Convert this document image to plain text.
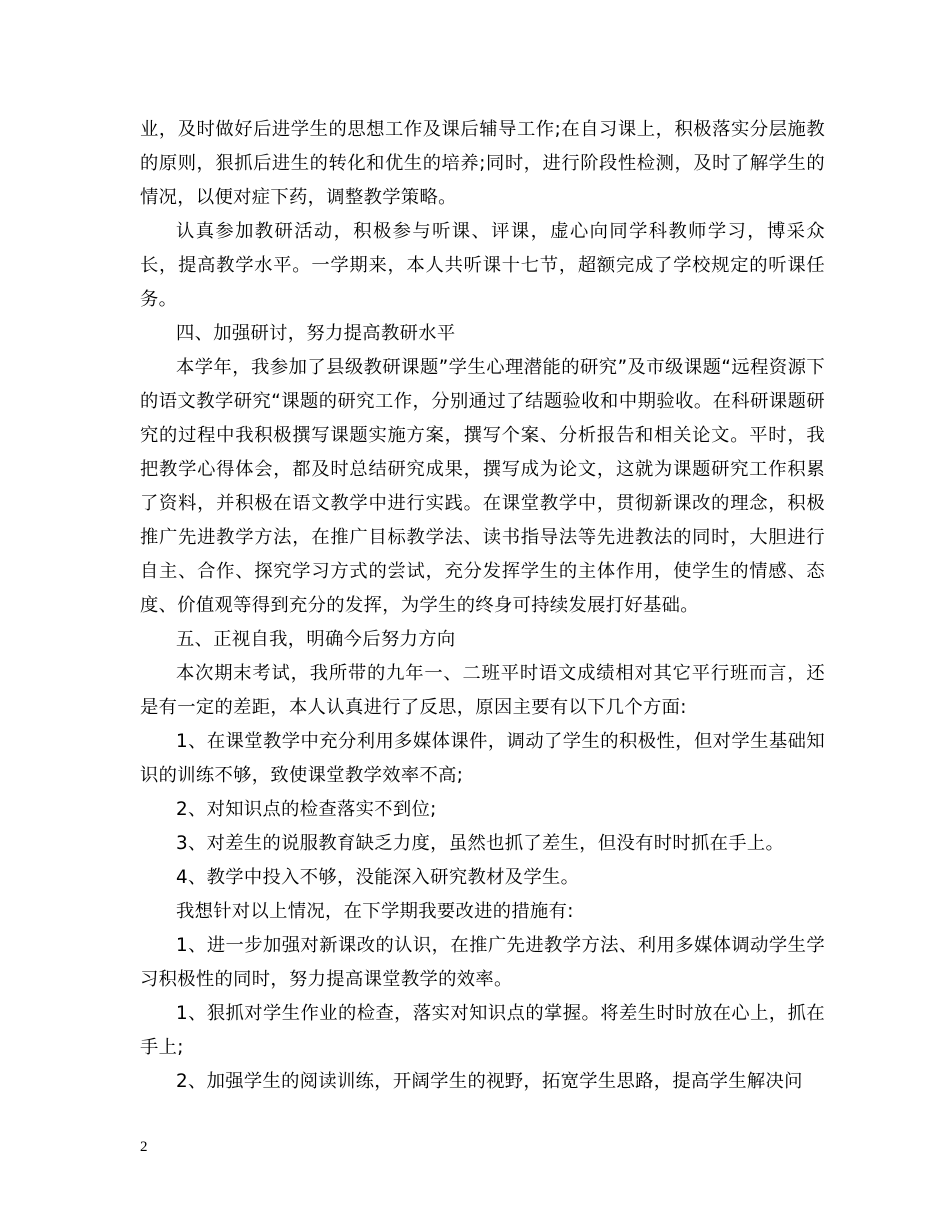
业，及时做好后进学生的思想工作及课后辅导工作;在自习课上，积极落实分层施教的原则，狠抓后进生的转化和优生的培养;同时，进行阶段性检测，及时了解学生的情况，以便对症下药，调整教学策略。

认真参加教研活动，积极参与听课、评课，虚心向同学科教师学习，博采众长，提高教学水平。一学期来，本人共听课十七节，超额完成了学校规定的听课任务。

四、加强研讨，努力提高教研水平

本学年，我参加了县级教研课题”学生心理潜能的研究”及市级课题“远程资源下的语文教学研究“课题的研究工作，分别通过了结题验收和中期验收。在科研课题研究的过程中我积极撰写课题实施方案，撰写个案、分析报告和相关论文。平时，我把教学心得体会，都及时总结研究成果，撰写成为论文，这就为课题研究工作积累了资料，并积极在语文教学中进行实践。在课堂教学中，贯彻新课改的理念，积极推广先进教学方法，在推广目标教学法、读书指导法等先进教法的同时，大胆进行自主、合作、探究学习方式的尝试，充分发挥学生的主体作用，使学生的情感、态度、价值观等得到充分的发挥，为学生的终身可持续发展打好基础。

五、正视自我，明确今后努力方向

本次期末考试，我所带的九年一、二班平时语文成绩相对其它平行班而言，还是有一定的差距，本人认真进行了反思，原因主要有以下几个方面:

1、在课堂教学中充分利用多媒体课件，调动了学生的积极性，但对学生基础知识的训练不够，致使课堂教学效率不高;

2、对知识点的检查落实不到位;

3、对差生的说服教育缺乏力度，虽然也抓了差生，但没有时时抓在手上。

4、教学中投入不够，没能深入研究教材及学生。

我想针对以上情况，在下学期我要改进的措施有:

1、进一步加强对新课改的认识，在推广先进教学方法、利用多媒体调动学生学习积极性的同时，努力提高课堂教学的效率。

1、狠抓对学生作业的检查，落实对知识点的掌握。将差生时时放在心上，抓在手上;

2、加强学生的阅读训练，开阔学生的视野，拓宽学生思路，提高学生解决问

2
